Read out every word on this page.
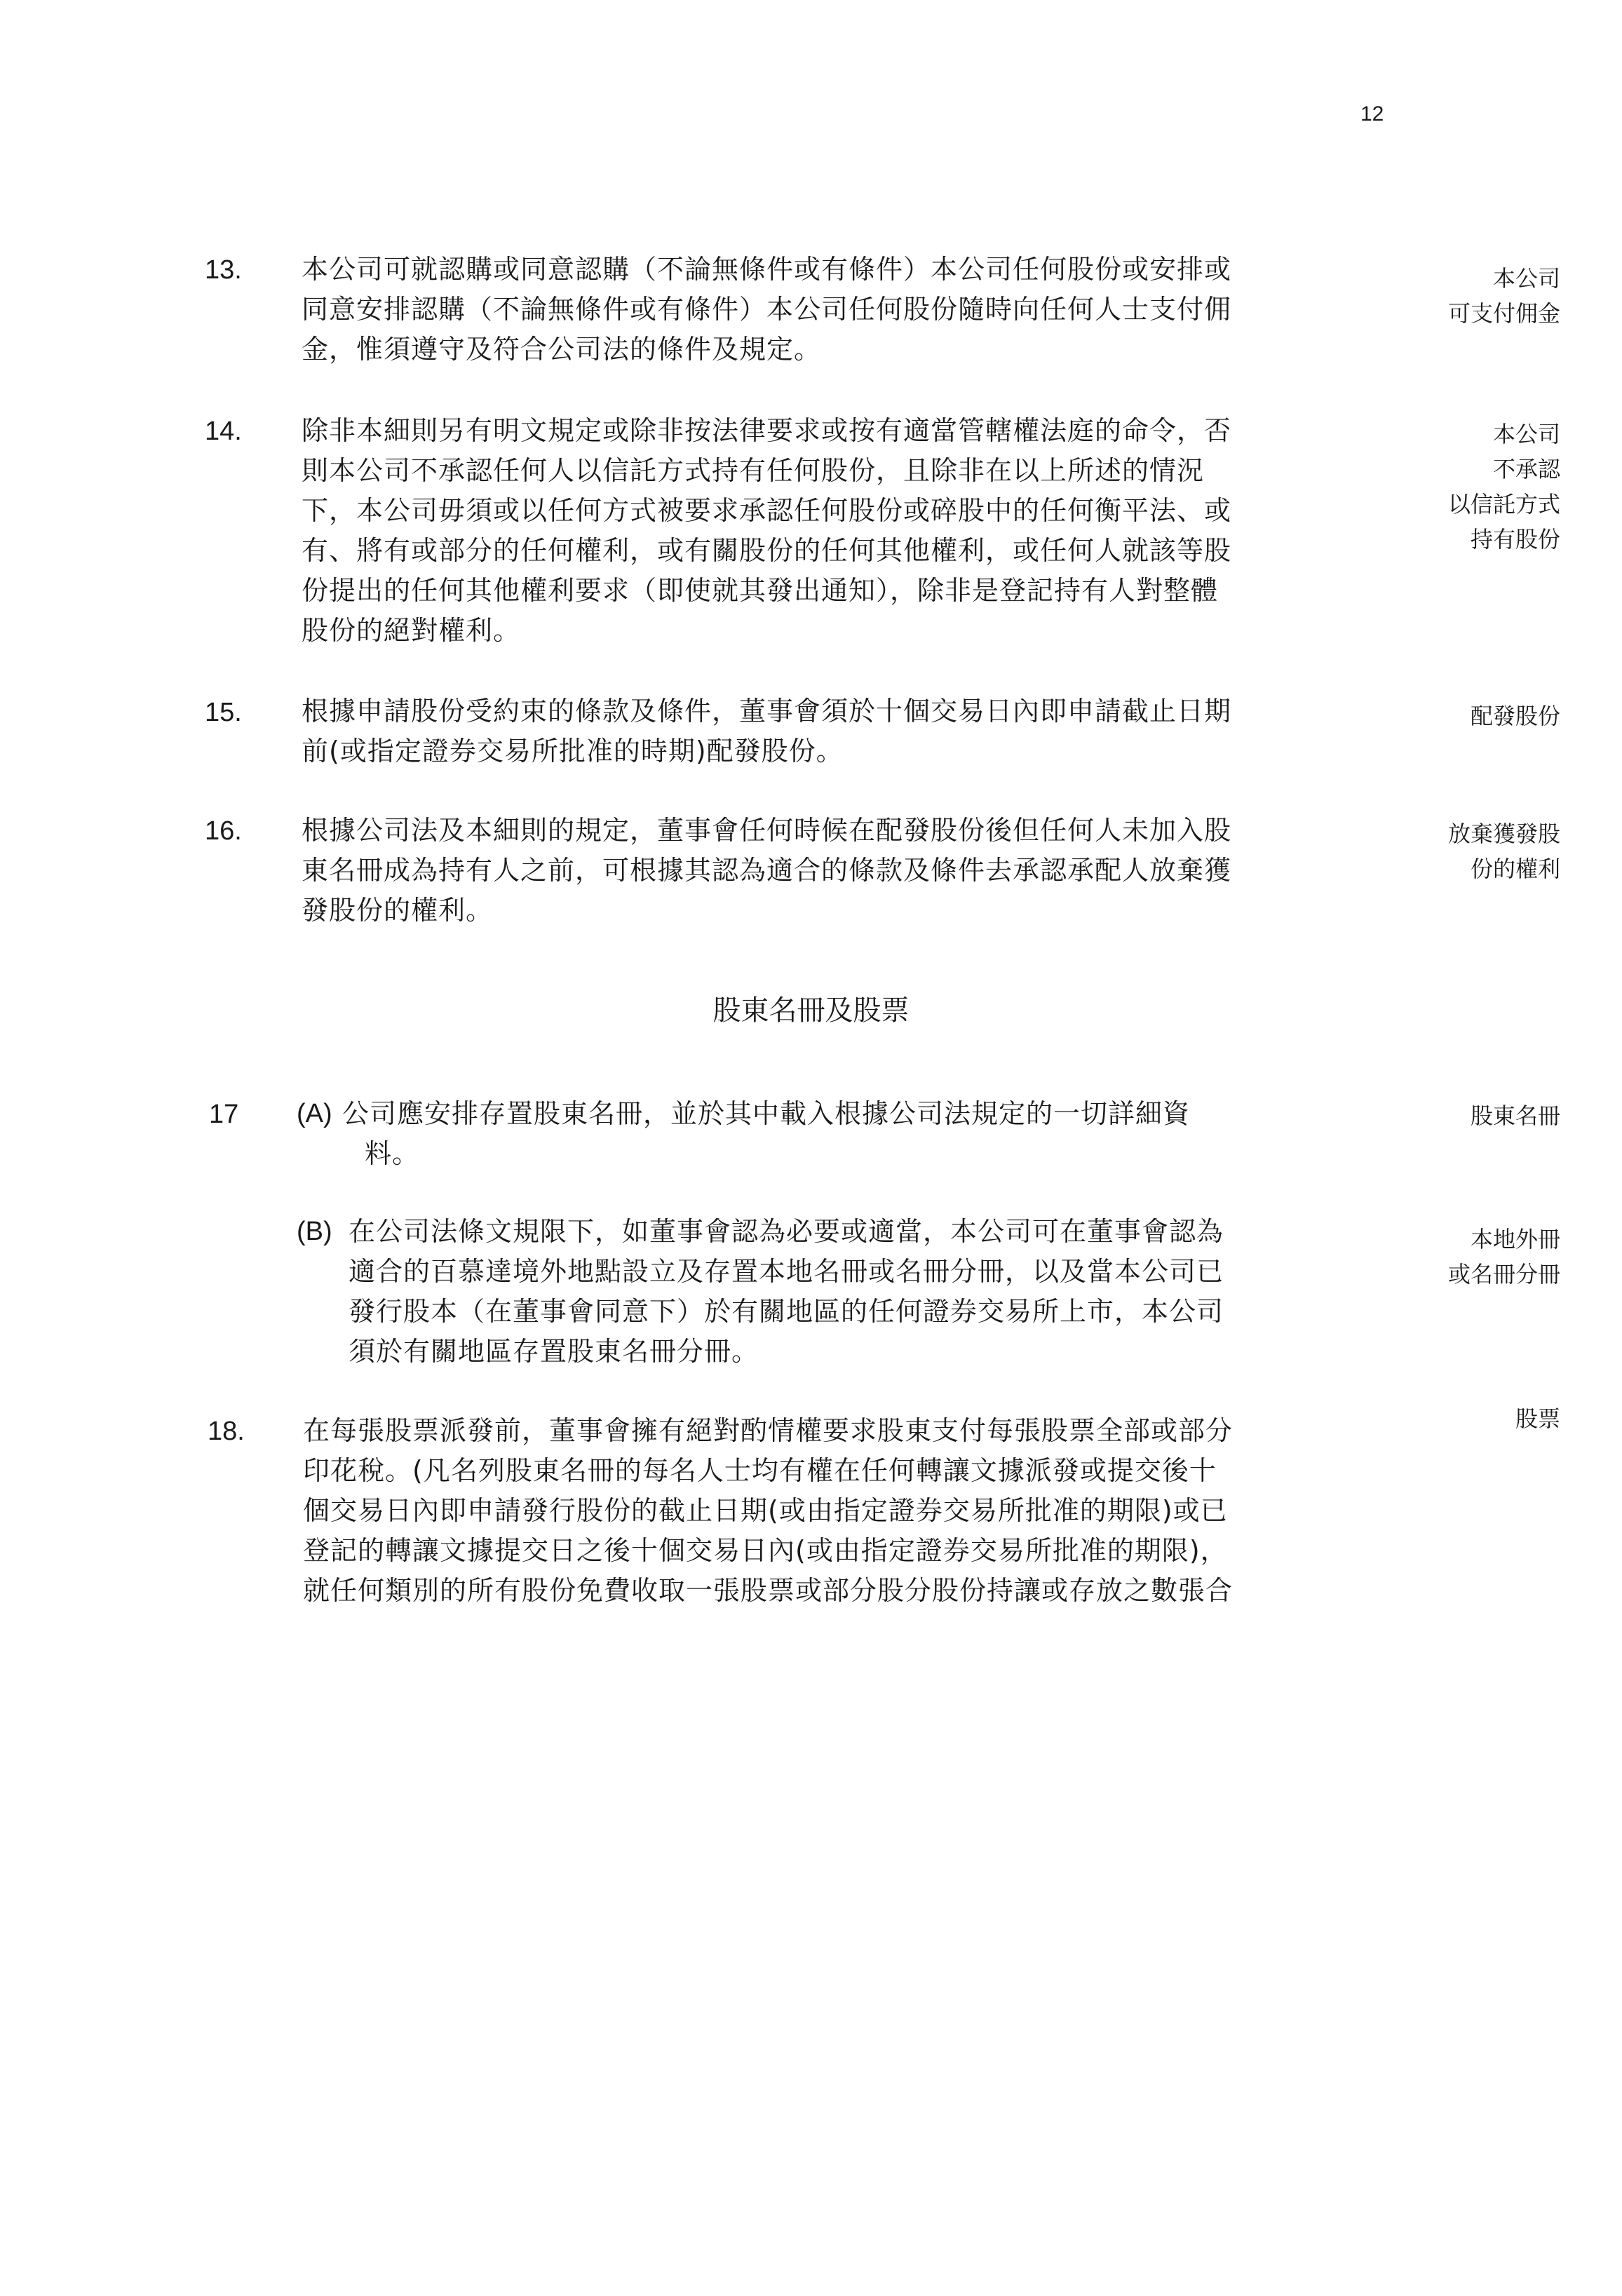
12
13. 本公司可就認購或同意認購（不論無條件或有條件）本公司任何股份或安排或
同意安排認購（不論無條件或有條件）本公司任何股份隨時向任何人士支付佣
金，惟須遵守及符合公司法的條件及規定。
本公司
可支付佣金
14. 除非本細則另有明文規定或除非按法律要求或按有適當管轄權法庭的命令，否
則本公司不承認任何人以信託方式持有任何股份，且除非在以上所述的情況
下，本公司毋須或以任何方式被要求承認任何股份或碎股中的任何衡平法、或
有、將有或部分的任何權利，或有關股份的任何其他權利，或任何人就該等股
份提出的任何其他權利要求（即使就其發出通知），除非是登記持有人對整體
股份的絕對權利。
本公司
不承認
以信託方式
持有股份
15. 根據申請股份受約束的條款及條件，董事會須於十個交易日內即申請截止日期
前(或指定證券交易所批准的時期)配發股份。
配發股份
16. 根據公司法及本細則的規定，董事會任何時候在配發股份後但任何人未加入股
東名冊成為持有人之前，可根據其認為適合的條款及條件去承認承配人放棄獲
發股份的權利。
放棄獲發股
份的權利
股東名冊及股票
17 (A) 公司應安排存置股東名冊，並於其中載入根據公司法規定的一切詳細資
料。
股東名冊
(B) 在公司法條文規限下，如董事會認為必要或適當，本公司可在董事會認為
適合的百慕達境外地點設立及存置本地名冊或名冊分冊，以及當本公司已
發行股本（在董事會同意下）於有關地區的任何證券交易所上市，本公司
須於有關地區存置股東名冊分冊。
本地外冊
或名冊分冊
18. 在每張股票派發前，董事會擁有絕對酌情權要求股東支付每張股票全部或部分
印花稅。(凡名列股東名冊的每名人士均有權在任何轉讓文據派發或提交後十
個交易日內即申請發行股份的截止日期(或由指定證券交易所批准的期限)或已
登記的轉讓文據提交日之後十個交易日內(或由指定證券交易所批准的期限)，
就任何類別的所有股份免費收取一張股票或部分股分股份持讓或存放之數張合
股票
